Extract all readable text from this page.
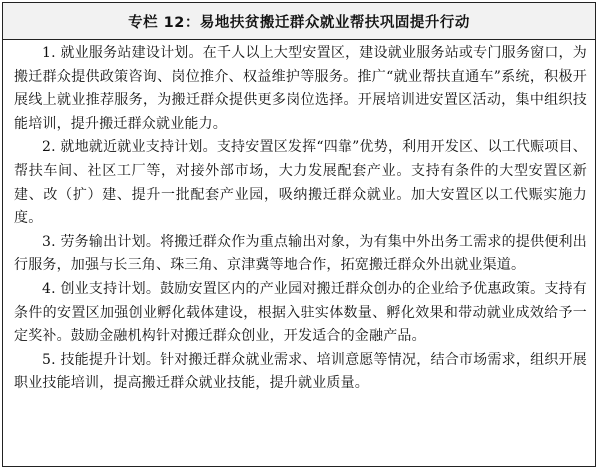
专栏 12：易地扶贫搬迁群众就业帮扶巩固提升行动

1. 就业服务站建设计划。在千人以上大型安置区，建设就业服务站或专门服务窗口，为搬迁群众提供政策咨询、岗位推介、权益维护等服务。推广“就业帮扶直通车”系统，积极开展线上就业推荐服务，为搬迁群众提供更多岗位选择。开展培训进安置区活动，集中组织技能培训，提升搬迁群众就业能力。

2. 就地就近就业支持计划。支持安置区发挥“四靠”优势，利用开发区、以工代赈项目、帮扶车间、社区工厂等，对接外部市场，大力发展配套产业。支持有条件的大型安置区新建、改（扩）建、提升一批配套产业园，吸纳搬迁群众就业。加大安置区以工代赈实施力度。

3. 劳务输出计划。将搬迁群众作为重点输出对象，为有集中外出务工需求的提供便利出行服务，加强与长三角、珠三角、京津冀等地合作，拓宽搬迁群众外出就业渠道。

4. 创业支持计划。鼓励安置区内的产业园对搬迁群众创办的企业给予优惠政策。支持有条件的安置区加强创业孵化载体建设，根据入驻实体数量、孵化效果和带动就业成效给予一定奖补。鼓励金融机构针对搬迁群众创业，开发适合的金融产品。

5. 技能提升计划。针对搬迁群众就业需求、培训意愿等情况，结合市场需求，组织开展职业技能培训，提高搬迁群众就业技能，提升就业质量。
